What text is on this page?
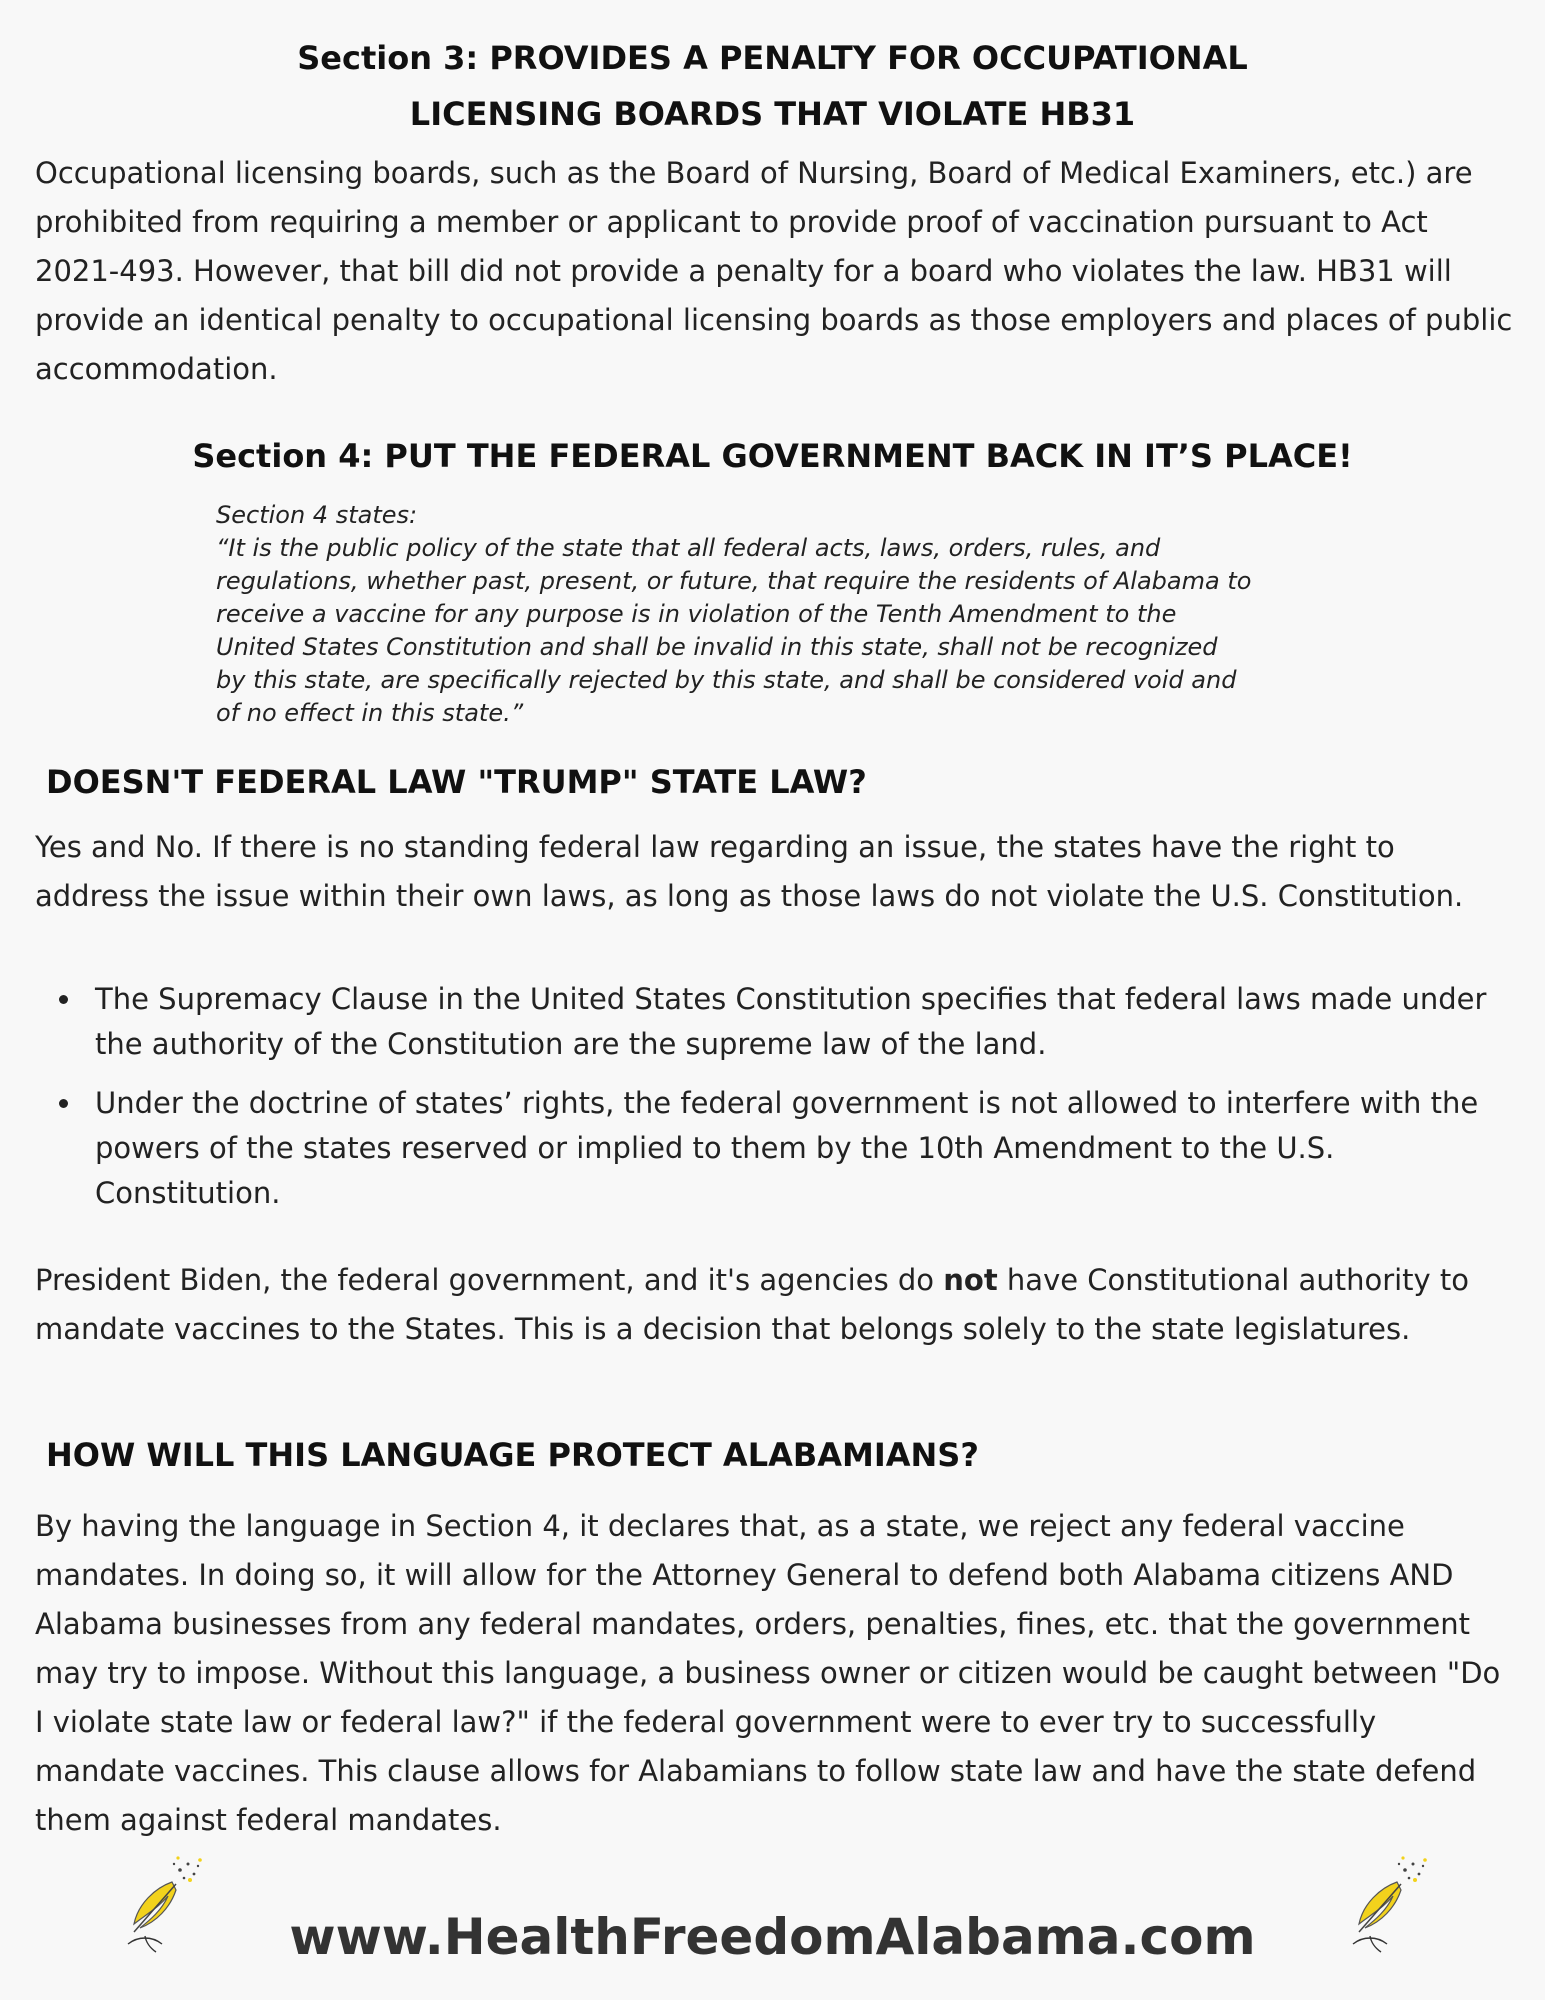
Section 3: PROVIDES A PENALTY FOR OCCUPATIONAL
LICENSING BOARDS THAT VIOLATE HB31

Occupational licensing boards, such as the Board of Nursing, Board of Medical Examiners, etc.) are prohibited from requiring a member or applicant to provide proof of vaccination pursuant to Act 2021-493. However, that bill did not provide a penalty for a board who violates the law. HB31 will provide an identical penalty to occupational licensing boards as those employers and places of public accommodation.

Section 4: PUT THE FEDERAL GOVERNMENT BACK IN IT’S PLACE!
Section 4 states:
“It is the public policy of the state that all federal acts, laws, orders, rules, and
regulations, whether past, present, or future, that require the residents of Alabama to
receive a vaccine for any purpose is in violation of the Tenth Amendment to the
United States Constitution and shall be invalid in this state, shall not be recognized
by this state, are specifically rejected by this state, and shall be considered void and
of no effect in this state.”
DOESN'T FEDERAL LAW "TRUMP" STATE LAW?

Yes and No. If there is no standing federal law regarding an issue, the states have the right to address the issue within their own laws, as long as those laws do not violate the U.S. Constitution.

The Supremacy Clause in the United States Constitution specifies that federal laws made under the authority of the Constitution are the supreme law of the land.
Under the doctrine of states’ rights, the federal government is not allowed to interfere with the powers of the states reserved or implied to them by the 10th Amendment to the U.S. Constitution.

President Biden, the federal government, and it's agencies do not have Constitutional authority to mandate vaccines to the States. This is a decision that belongs solely to the state legislatures.

HOW WILL THIS LANGUAGE PROTECT ALABAMIANS?

By having the language in Section 4, it declares that, as a state, we reject any federal vaccine mandates. In doing so, it will allow for the Attorney General to defend both Alabama citizens AND Alabama businesses from any federal mandates, orders, penalties, fines, etc. that the government may try to impose. Without this language, a business owner or citizen would be caught between "Do I violate state law or federal law?" if the federal government were to ever try to successfully mandate vaccines. This clause allows for Alabamians to follow state law and have the state defend them against federal mandates.

www.HealthFreedomAlabama.com
